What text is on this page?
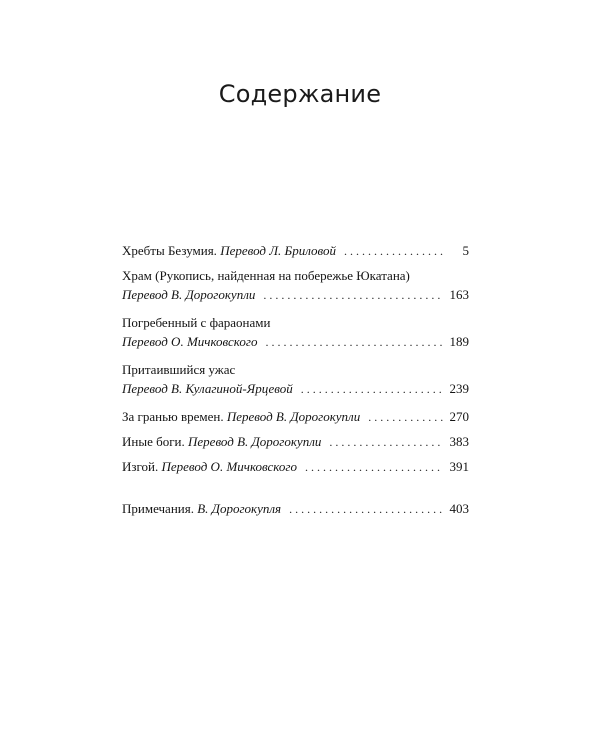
Содержание
Хребты Безумия.
Перевод Л. Бриловой . . .	5
Храм (Рукопись, найденная на побережье Юкатана)
Перевод В. Дорогокупли . . .	163
Погребенный с фараонами
Перевод О. Мичковского . . .	189
Притаившийся ужас
Перевод В. Кулагиной-Ярцевой . . .	239
За гранью времен.
Перевод В. Дорогокупли . . .	270
Иные боги.
Перевод В. Дорогокупли . . .	383
Изгой.
Перевод О. Мичковского . . .	391
Примечания.
В. Дорогокупля . . .	403
